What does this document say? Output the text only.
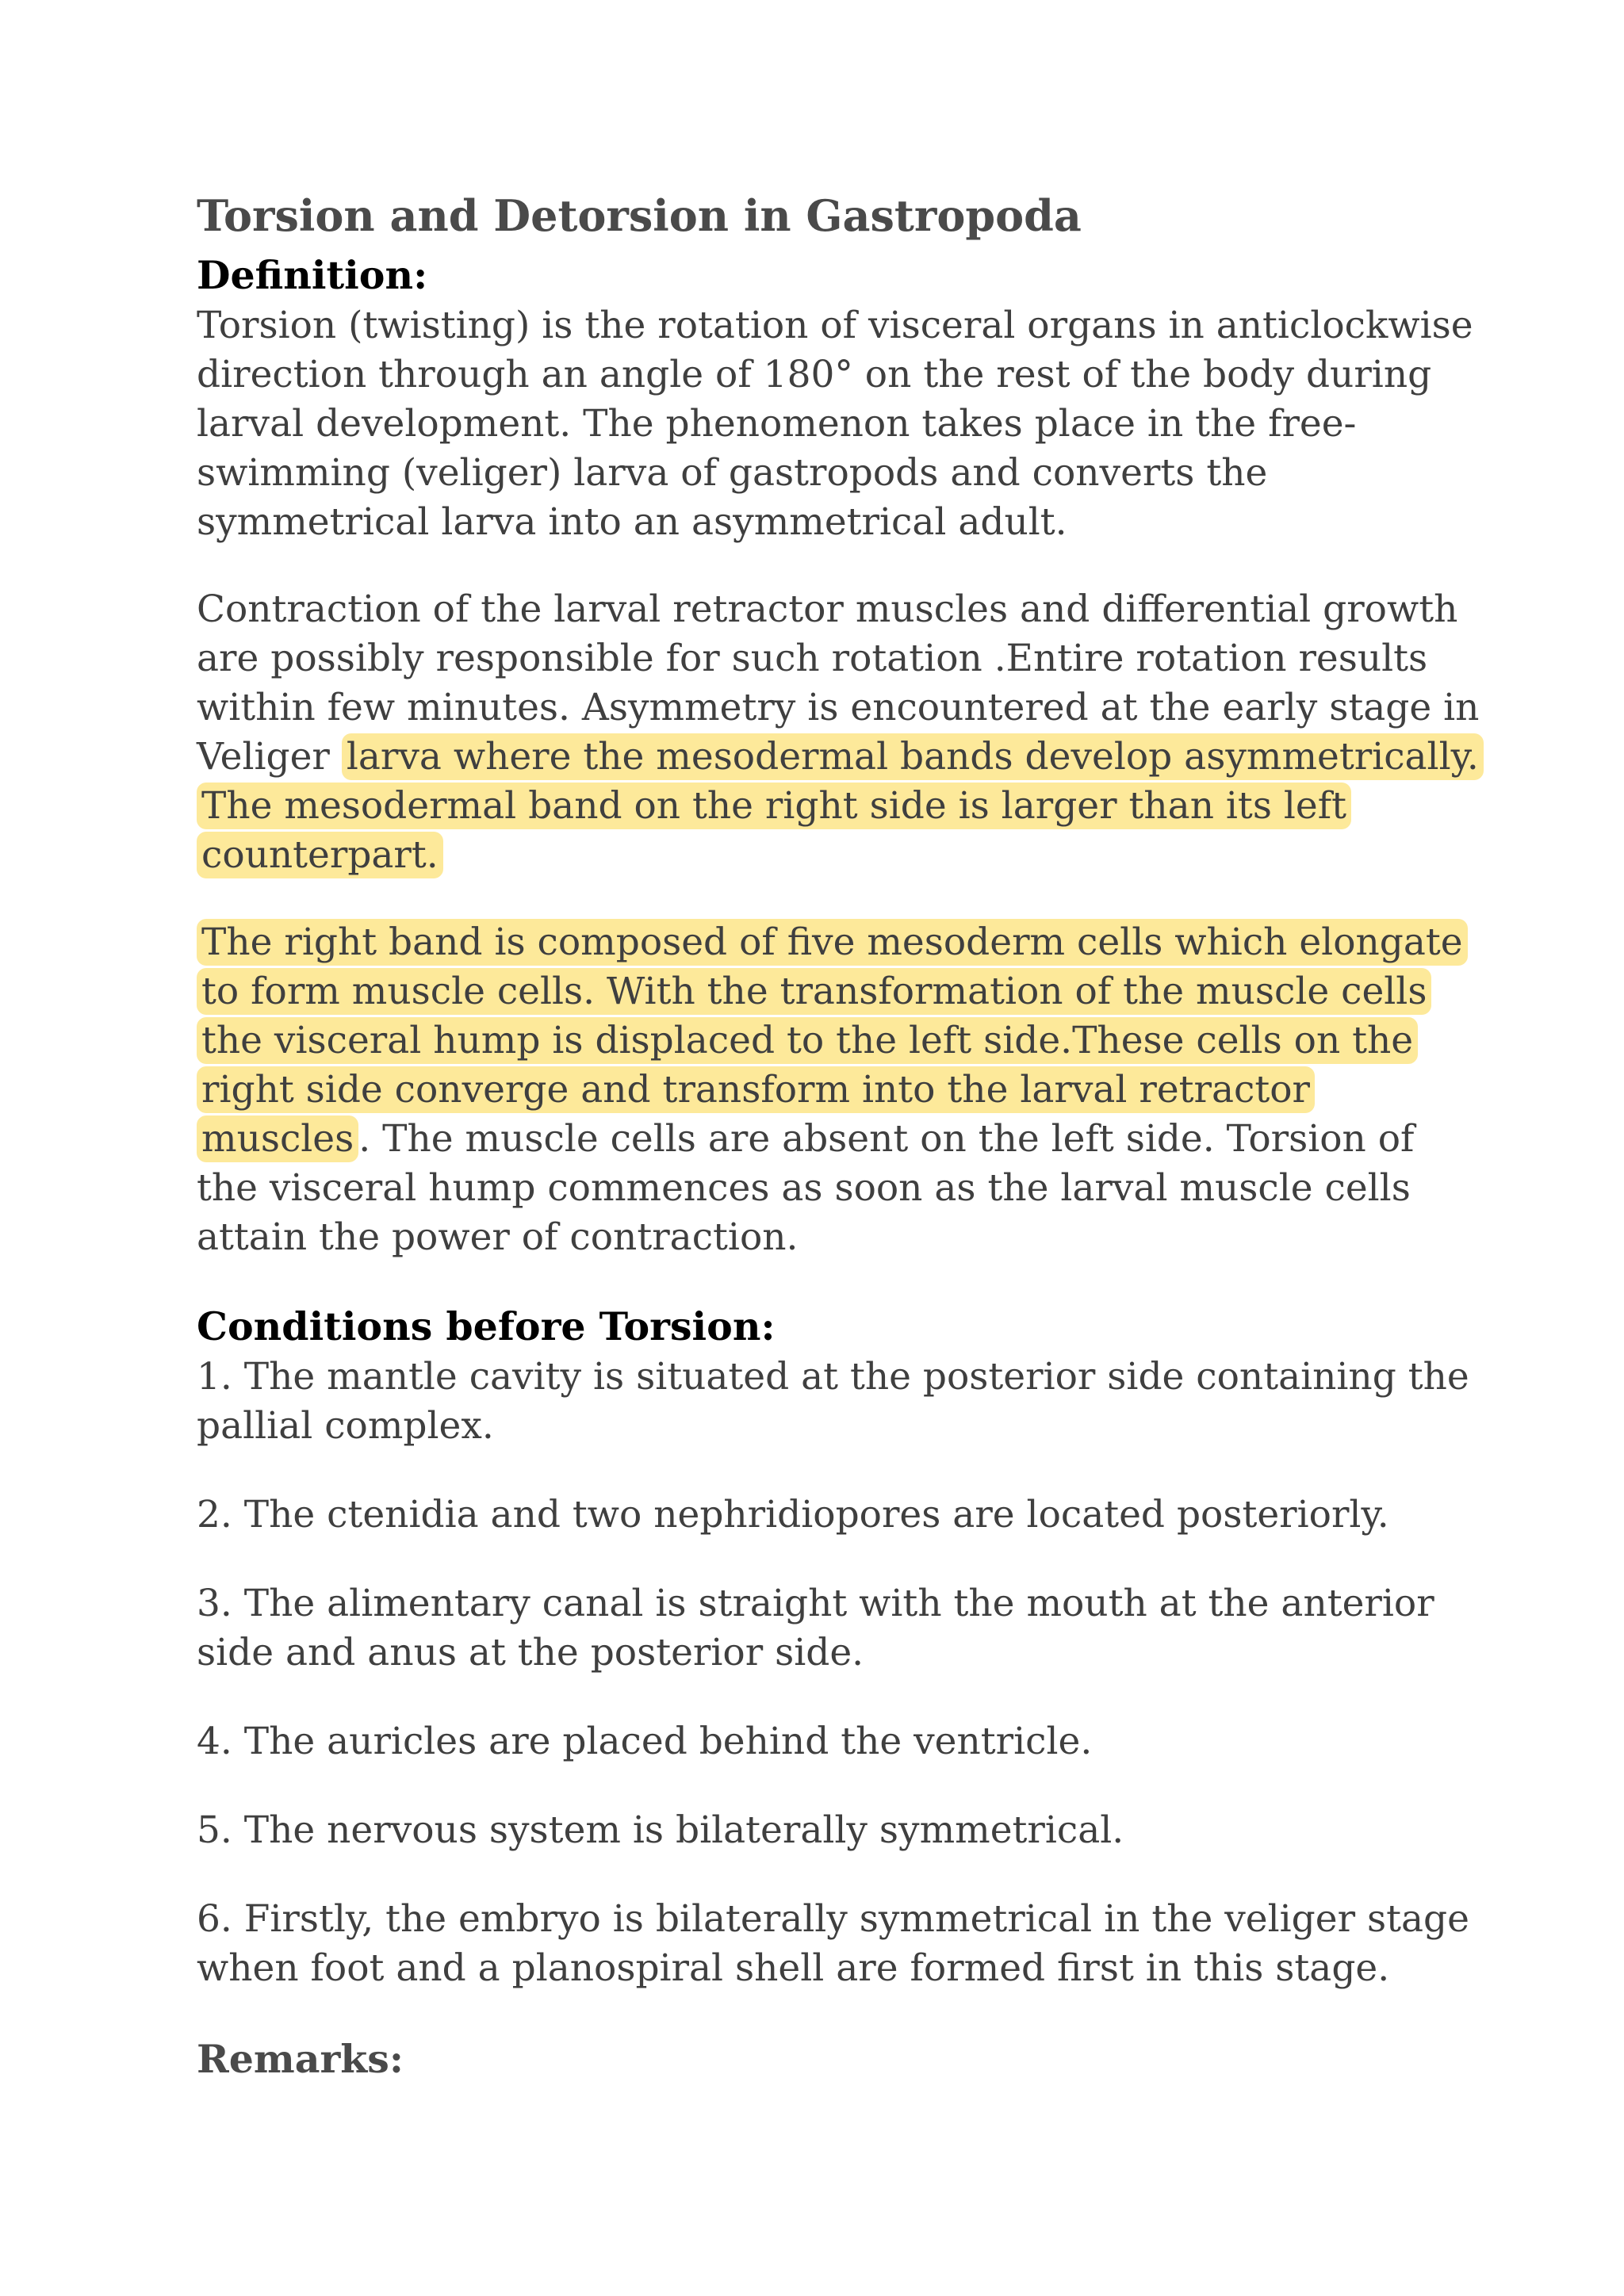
Torsion and Detorsion in Gastropoda
Definition:

Torsion (twisting) is the rotation of visceral organs in anticlockwise direction through an angle of 180° on the rest of the body during larval development. The phenomenon takes place in the free-swimming (veliger) larva of gastropods and converts the symmetrical larva into an asymmetrical adult.

Contraction of the larval retractor muscles and differential growth are possibly responsible for such rotation .Entire rotation results within few minutes. Asymmetry is encountered at the early stage in Veliger larva where the mesodermal bands develop asymmetrically. The mesodermal band on the right side is larger than its left counterpart.

The right band is composed of five mesoderm cells which elongate to form muscle cells. With the transformation of the muscle cells the visceral hump is displaced to the left side.These cells on the right side converge and transform into the larval retractor muscles . The muscle cells are absent on the left side. Torsion of the visceral hump commences as soon as the larval muscle cells attain the power of contraction.

Conditions before Torsion:

1. The mantle cavity is situated at the posterior side containing the pallial complex.

2. The ctenidia and two nephridiopores are located posteriorly.

3. The alimentary canal is straight with the mouth at the anterior side and anus at the posterior side.

4. The auricles are placed behind the ventricle.

5. The nervous system is bilaterally symmetrical.

6. Firstly, the embryo is bilaterally symmetrical in the veliger stage when foot and a planospiral shell are formed first in this stage.

Remarks:
